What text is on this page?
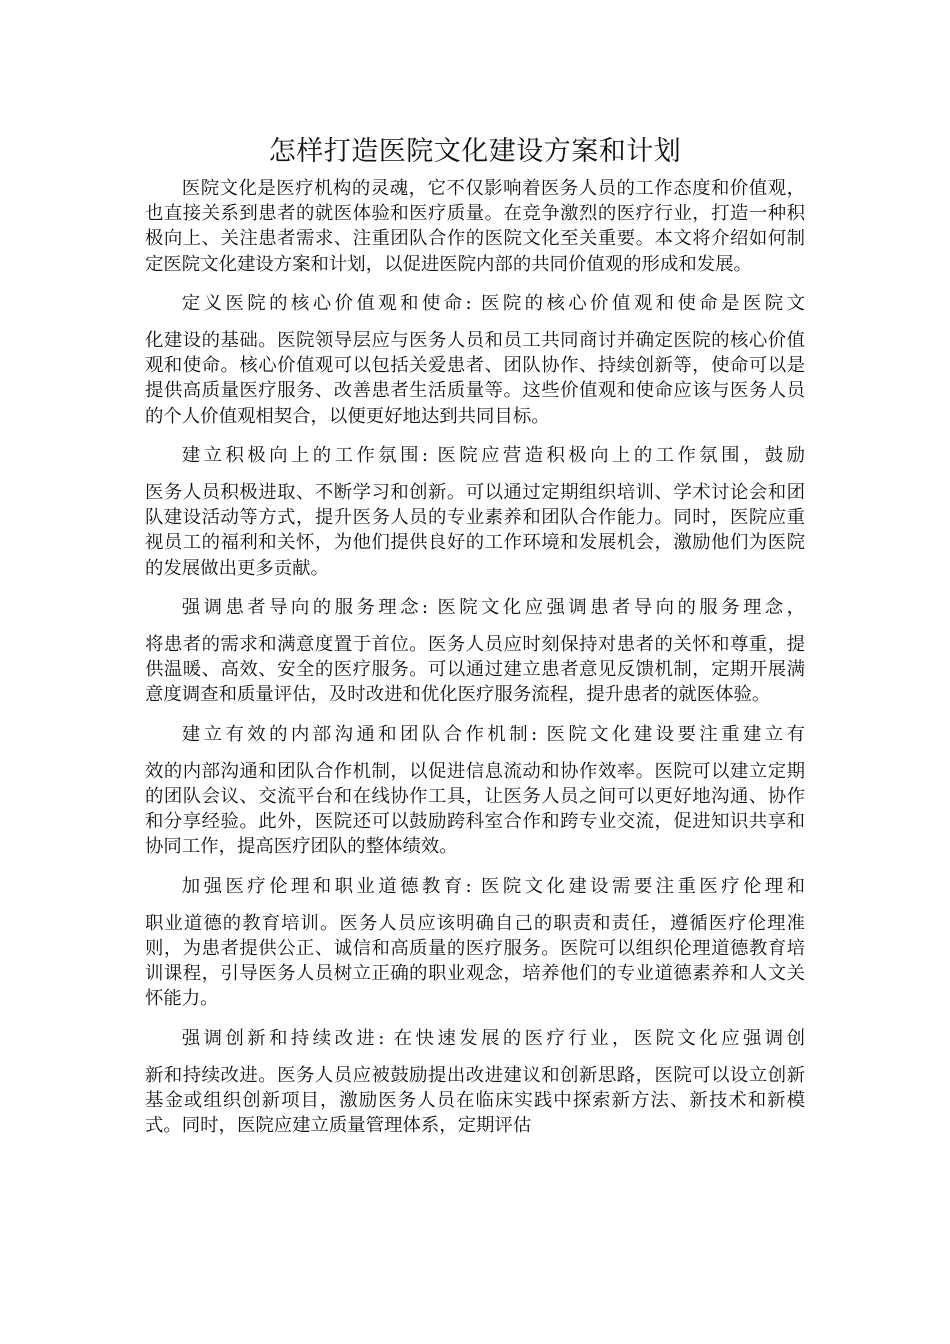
怎样打造医院文化建设方案和计划

医院文化是医疗机构的灵魂，它不仅影响着医务人员的工作态度和价值观，也直接关系到患者的就医体验和医疗质量。在竞争激烈的医疗行业，打造一种积极向上、关注患者需求、注重团队合作的医院文化至关重要。本文将介绍如何制定医院文化建设方案和计划，以促进医院内部的共同价值观的形成和发展。

定义医院的核心价值观和使命: 医院的核心价值观和使命是医院文
化建设的基础。医院领导层应与医务人员和员工共同商讨并确定医院的核心价值观和使命。核心价值观可以包括关爱患者、团队协作、持续创新等，使命可以是提供高质量医疗服务、改善患者生活质量等。这些价值观和使命应该与医务人员的个人价值观相契合，以便更好地达到共同目标。
建立积极向上的工作氛围: 医院应营造积极向上的工作氛围，鼓励
医务人员积极进取、不断学习和创新。可以通过定期组织培训、学术讨论会和团队建设活动等方式，提升医务人员的专业素养和团队合作能力。同时，医院应重视员工的福利和关怀，为他们提供良好的工作环境和发展机会，激励他们为医院的发展做出更多贡献。
强调患者导向的服务理念: 医院文化应强调患者导向的服务理念，
将患者的需求和满意度置于首位。医务人员应时刻保持对患者的关怀和尊重，提供温暖、高效、安全的医疗服务。可以通过建立患者意见反馈机制，定期开展满意度调查和质量评估，及时改进和优化医疗服务流程，提升患者的就医体验。
建立有效的内部沟通和团队合作机制: 医院文化建设要注重建立有
效的内部沟通和团队合作机制，以促进信息流动和协作效率。医院可以建立定期的团队会议、交流平台和在线协作工具，让医务人员之间可以更好地沟通、协作和分享经验。此外，医院还可以鼓励跨科室合作和跨专业交流，促进知识共享和协同工作，提高医疗团队的整体绩效。
加强医疗伦理和职业道德教育: 医院文化建设需要注重医疗伦理和
职业道德的教育培训。医务人员应该明确自己的职责和责任，遵循医疗伦理准则，为患者提供公正、诚信和高质量的医疗服务。医院可以组织伦理道德教育培训课程，引导医务人员树立正确的职业观念，培养他们的专业道德素养和人文关怀能力。
强调创新和持续改进: 在快速发展的医疗行业，医院文化应强调创
新和持续改进。医务人员应被鼓励提出改进建议和创新思路，医院可以设立创新基金或组织创新项目，激励医务人员在临床实践中探索新方法、新技术和新模式。同时，医院应建立质量管理体系，定期评估
